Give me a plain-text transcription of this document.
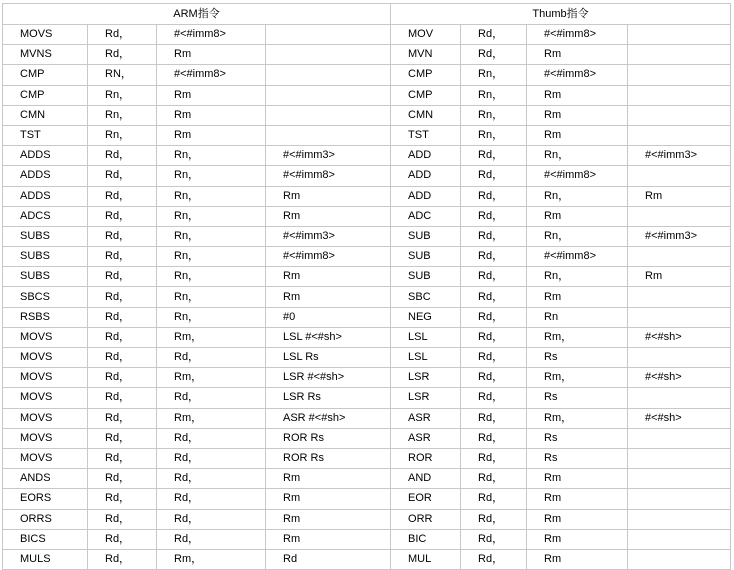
ARM指令				Thumb指令			
MOVS	Rd，	#<#imm8>		MOV	Rd，	#<#imm8>	
MVNS	Rd，	Rm		MVN	Rd，	Rm	
CMP	RN，	#<#imm8>		CMP	Rn，	#<#imm8>	
CMP	Rn，	Rm		CMP	Rn，	Rm	
CMN	Rn，	Rm		CMN	Rn，	Rm	
TST	Rn，	Rm		TST	Rn，	Rm	
ADDS	Rd，	Rn，	#<#imm3>	ADD	Rd，	Rn，	#<#imm3>
ADDS	Rd，	Rn，	#<#imm8>	ADD	Rd，	#<#imm8>	
ADDS	Rd，	Rn，	Rm	ADD	Rd，	Rn，	Rm
ADCS	Rd，	Rn，	Rm	ADC	Rd，	Rm	
SUBS	Rd，	Rn，	#<#imm3>	SUB	Rd，	Rn，	#<#imm3>
SUBS	Rd，	Rn，	#<#imm8>	SUB	Rd，	#<#imm8>	
SUBS	Rd，	Rn，	Rm	SUB	Rd，	Rn，	Rm
SBCS	Rd，	Rn，	Rm	SBC	Rd，	Rm	
RSBS	Rd，	Rn，	#0	NEG	Rd，	Rn	
MOVS	Rd，	Rm，	LSL #<#sh>	LSL	Rd，	Rm，	#<#sh>
MOVS	Rd，	Rd，	LSL Rs	LSL	Rd，	Rs	
MOVS	Rd，	Rm，	LSR #<#sh>	LSR	Rd，	Rm，	#<#sh>
MOVS	Rd，	Rd，	LSR Rs	LSR	Rd，	Rs	
MOVS	Rd，	Rm，	ASR #<#sh>	ASR	Rd，	Rm，	#<#sh>
MOVS	Rd，	Rd，	ROR Rs	ASR	Rd，	Rs	
MOVS	Rd，	Rd，	ROR Rs	ROR	Rd，	Rs	
ANDS	Rd，	Rd，	Rm	AND	Rd，	Rm	
EORS	Rd，	Rd，	Rm	EOR	Rd，	Rm	
ORRS	Rd，	Rd，	Rm	ORR	Rd，	Rm	
BICS	Rd，	Rd，	Rm	BIC	Rd，	Rm	
MULS	Rd，	Rm，	Rd	MUL	Rd，	Rm	
